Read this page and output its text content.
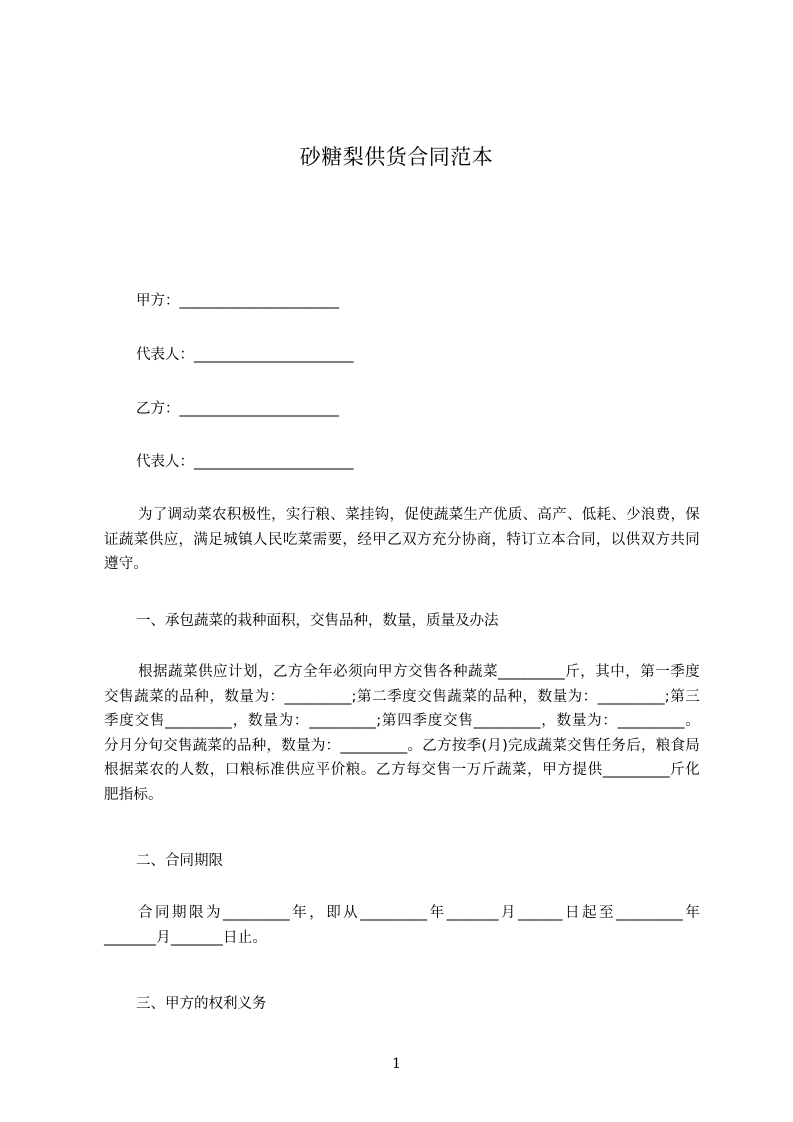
砂糖梨供货合同范本
甲方：______________________
代表人：______________________
乙方：______________________
代表人：______________________
为了调动菜农积极性，实行粮、菜挂钩，促使蔬菜生产优质、高产、低耗、少浪费，保证蔬菜供应，满足城镇人民吃菜需要，经甲乙双方充分协商，特订立本合同，以供双方共同遵守。
一、承包蔬菜的栽种面积，交售品种，数量，质量及办法
根据蔬菜供应计划，乙方全年必须向甲方交售各种蔬菜_________斤，其中，第一季度交售蔬菜的品种，数量为：_________;第二季度交售蔬菜的品种，数量为：_________;第三季度交售_________，数量为：_________;第四季度交售_________，数量为：_________。分月分旬交售蔬菜的品种，数量为：_________。乙方按季(月)完成蔬菜交售任务后，粮食局根据菜农的人数，口粮标准供应平价粮。乙方每交售一万斤蔬菜，甲方提供_________斤化肥指标。
二、合同期限
合同期限为_________年，即从_________年_______月______日起至_________年_______月_______日止。
三、甲方的权利义务
1
